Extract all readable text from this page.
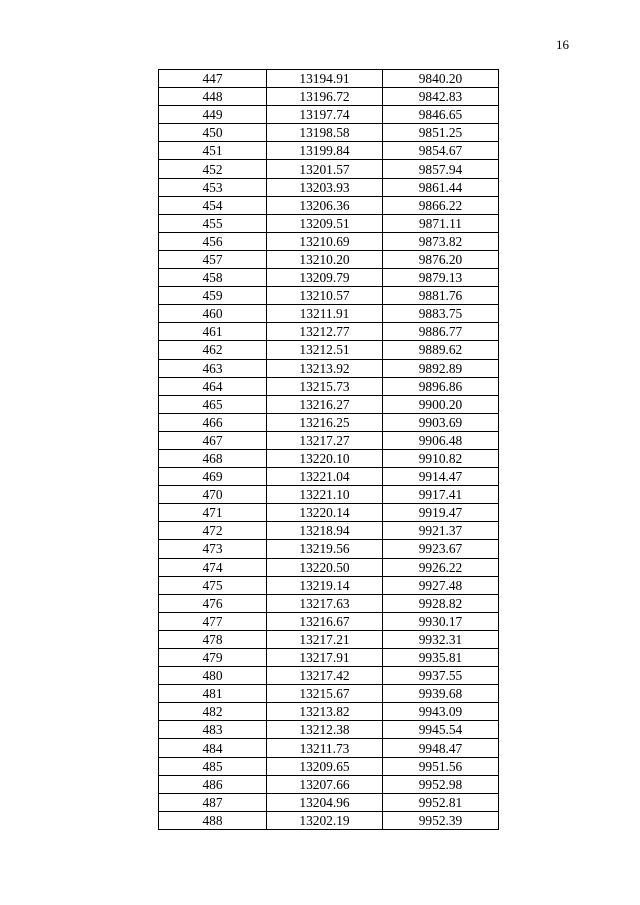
16
447	13194.91	9840.20
448	13196.72	9842.83
449	13197.74	9846.65
450	13198.58	9851.25
451	13199.84	9854.67
452	13201.57	9857.94
453	13203.93	9861.44
454	13206.36	9866.22
455	13209.51	9871.11
456	13210.69	9873.82
457	13210.20	9876.20
458	13209.79	9879.13
459	13210.57	9881.76
460	13211.91	9883.75
461	13212.77	9886.77
462	13212.51	9889.62
463	13213.92	9892.89
464	13215.73	9896.86
465	13216.27	9900.20
466	13216.25	9903.69
467	13217.27	9906.48
468	13220.10	9910.82
469	13221.04	9914.47
470	13221.10	9917.41
471	13220.14	9919.47
472	13218.94	9921.37
473	13219.56	9923.67
474	13220.50	9926.22
475	13219.14	9927.48
476	13217.63	9928.82
477	13216.67	9930.17
478	13217.21	9932.31
479	13217.91	9935.81
480	13217.42	9937.55
481	13215.67	9939.68
482	13213.82	9943.09
483	13212.38	9945.54
484	13211.73	9948.47
485	13209.65	9951.56
486	13207.66	9952.98
487	13204.96	9952.81
488	13202.19	9952.39
